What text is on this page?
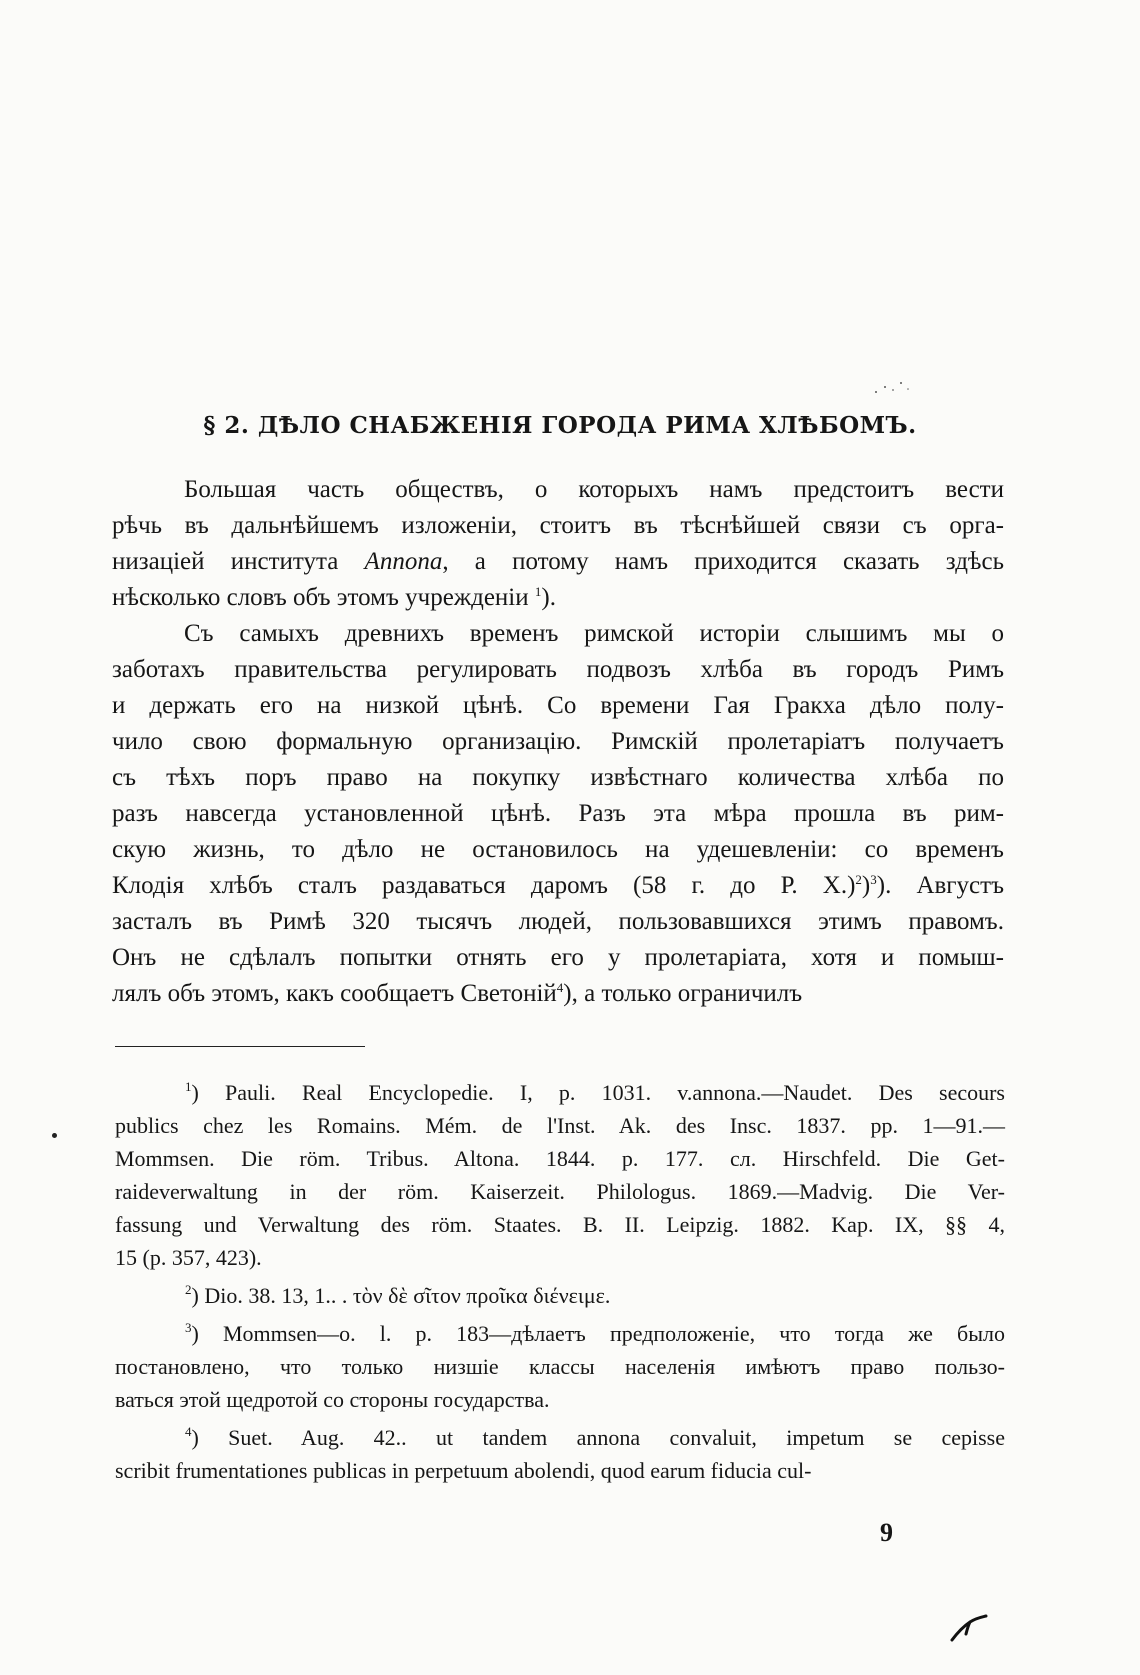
§ 2. ДѢЛО СНАБЖЕНІЯ ГОРОДА РИМА ХЛѢБОМЪ.
Большая часть обществъ, о которыхъ намъ предстоитъ вести
рѣчь въ дальнѣйшемъ изложеніи, стоитъ въ тѣснѣйшей связи съ орга-
низаціей института Annona, а потому намъ приходится сказать здѣсь
нѣсколько словъ объ этомъ учрежденіи $^1$).
Съ самыхъ древнихъ временъ римской исторіи слышимъ мы о
заботахъ правительства регулировать подвозъ хлѣба въ городъ Римъ
и держать его на низкой цѣнѣ. Со времени Гая Гракха дѣло полу-
чило свою формальную организацію. Римскій пролетаріатъ получаетъ
съ тѣхъ поръ право на покупку извѣстнаго количества хлѣба по
разъ навсегда установленной цѣнѣ. Разъ эта мѣра прошла въ рим-
скую жизнь, то дѣло не остановилось на удешевленіи: со временъ
Клодія хлѣбъ сталъ раздаваться даромъ (58 г. до Р. Х.)$^2$)$^3$). Августъ
засталъ въ Римѣ 320 тысячъ людей, пользовавшихся этимъ правомъ.
Онъ не сдѣлалъ попытки отнять его у пролетаріата, хотя и помыш-
лялъ объ этомъ, какъ сообщаетъ Светоній$^4$), а только ограничилъ
$^1$) Pauli. Real Encyclopedie. I, p. 1031. v.annona.—Naudet. Des secours
publics chez les Romains. Mém. de l'Inst. Ak. des Insc. 1837. pp. 1—91.—
Mommsen. Die röm. Tribus. Altona. 1844. p. 177. сл. Hirschfeld. Die Get-
raideverwaltung in der röm. Kaiserzeit. Philologus. 1869.—Madvig. Die Ver-
fassung und Verwaltung des röm. Staates. B. II. Leipzig. 1882. Kap. IX, §§ 4,
15 (p. 357, 423).
$^2$) Dio. 38. 13, 1.. . τὸν δὲ σῖτον προῖκα διένειμε.
$^3$) Mommsen—o. l. p. 183—дѣлаетъ предположеніе, что тогда же было
постановлено, что только низшіе классы населенія имѣютъ право пользо-
ваться этой щедротой со стороны государства.
$^4$) Suet. Aug. 42.. ut tandem annona convaluit, impetum se cepisse
scribit frumentationes publicas in perpetuum abolendi, quod earum fiducia cul-
9
